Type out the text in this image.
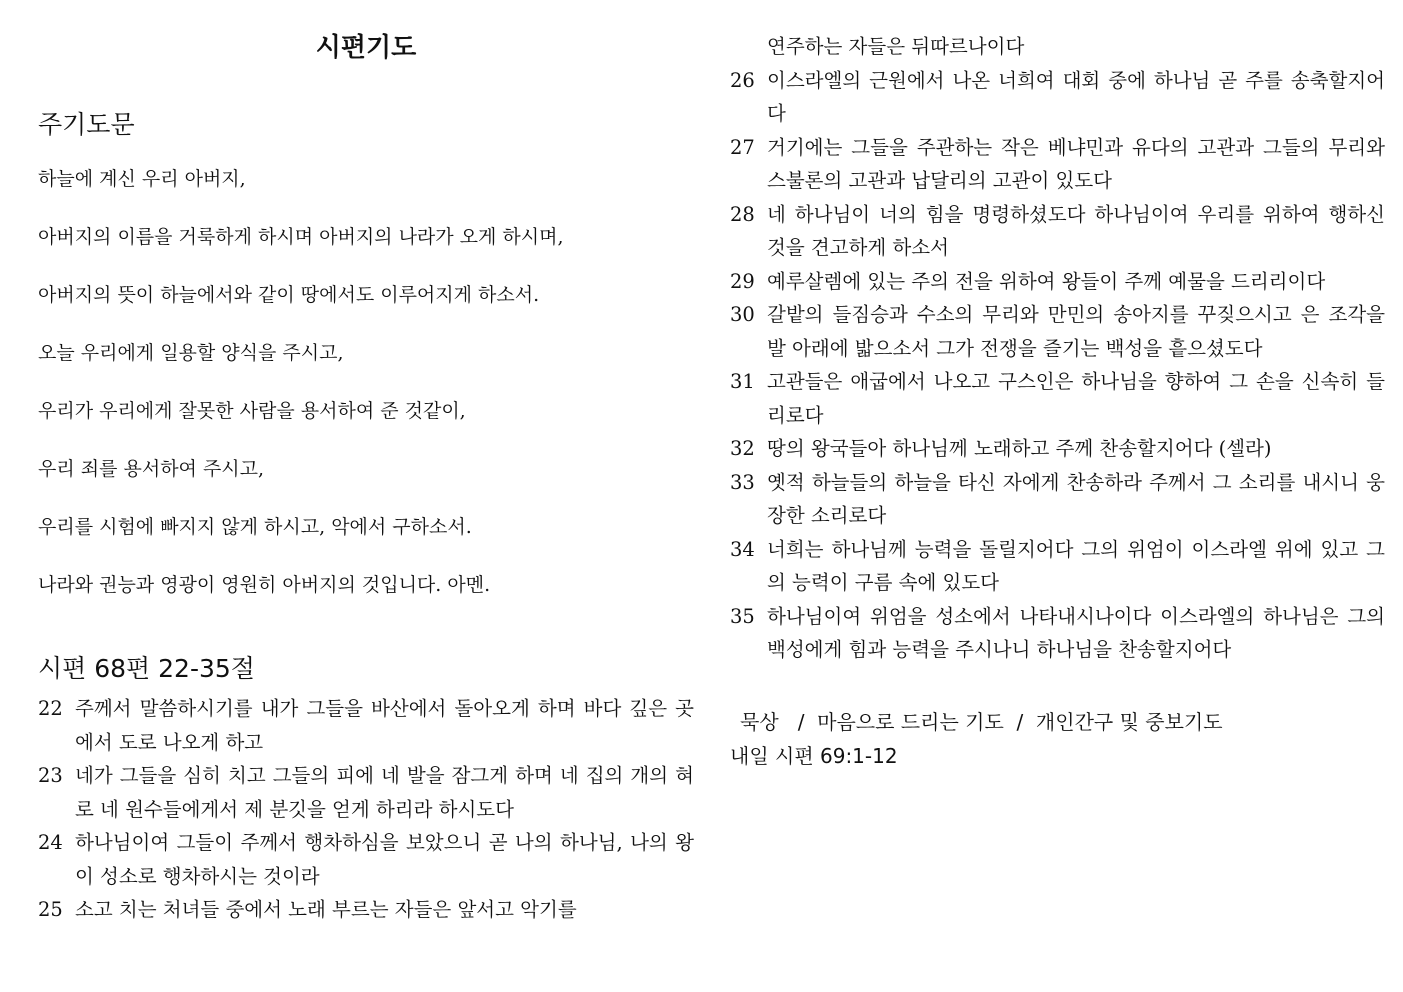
시편기도
주기도문
하늘에 계신 우리 아버지,
아버지의 이름을 거룩하게 하시며 아버지의 나라가 오게 하시며,
아버지의 뜻이 하늘에서와 같이 땅에서도 이루어지게 하소서.
오늘 우리에게 일용할 양식을 주시고,
우리가 우리에게 잘못한 사람을 용서하여 준 것같이,
우리 죄를 용서하여 주시고,
우리를 시험에 빠지지 않게 하시고, 악에서 구하소서.
나라와 권능과 영광이 영원히 아버지의 것입니다. 아멘.
시편 68편 22-35절
22 주께서 말씀하시기를 내가 그들을 바산에서 돌아오게 하며 바다 깊은 곳에서 도로 나오게 하고
23 네가 그들을 심히 치고 그들의 피에 네 발을 잠그게 하며 네 집의 개의 혀로 네 원수들에게서 제 분깃을 얻게 하리라 하시도다
24 하나님이여 그들이 주께서 행차하심을 보았으니 곧 나의 하나님, 나의 왕이 성소로 행차하시는 것이라
25 소고 치는 처녀들 중에서 노래 부르는 자들은 앞서고 악기를
연주하는 자들은 뒤따르나이다
26 이스라엘의 근원에서 나온 너희여 대회 중에 하나님 곧 주를 송축할지어다
27 거기에는 그들을 주관하는 작은 베냐민과 유다의 고관과 그들의 무리와 스불론의 고관과 납달리의 고관이 있도다
28 네 하나님이 너의 힘을 명령하셨도다 하나님이여 우리를 위하여 행하신 것을 견고하게 하소서
29 예루살렘에 있는 주의 전을 위하여 왕들이 주께 예물을 드리리이다
30 갈밭의 들짐승과 수소의 무리와 만민의 송아지를 꾸짖으시고 은 조각을 발 아래에 밟으소서 그가 전쟁을 즐기는 백성을 흩으셨도다
31 고관들은 애굽에서 나오고 구스인은 하나님을 향하여 그 손을 신속히 들리로다
32 땅의 왕국들아 하나님께 노래하고 주께 찬송할지어다 (셀라)
33 옛적 하늘들의 하늘을 타신 자에게 찬송하라 주께서 그 소리를 내시니 웅장한 소리로다
34 너희는 하나님께 능력을 돌릴지어다 그의 위엄이 이스라엘 위에 있고 그의 능력이 구름 속에 있도다
35 하나님이여 위엄을 성소에서 나타내시나이다 이스라엘의 하나님은 그의 백성에게 힘과 능력을 주시나니 하나님을 찬송할지어다
묵상   /  마음으로 드리는 기도  /  개인간구 및 중보기도
내일 시편 69:1-12
